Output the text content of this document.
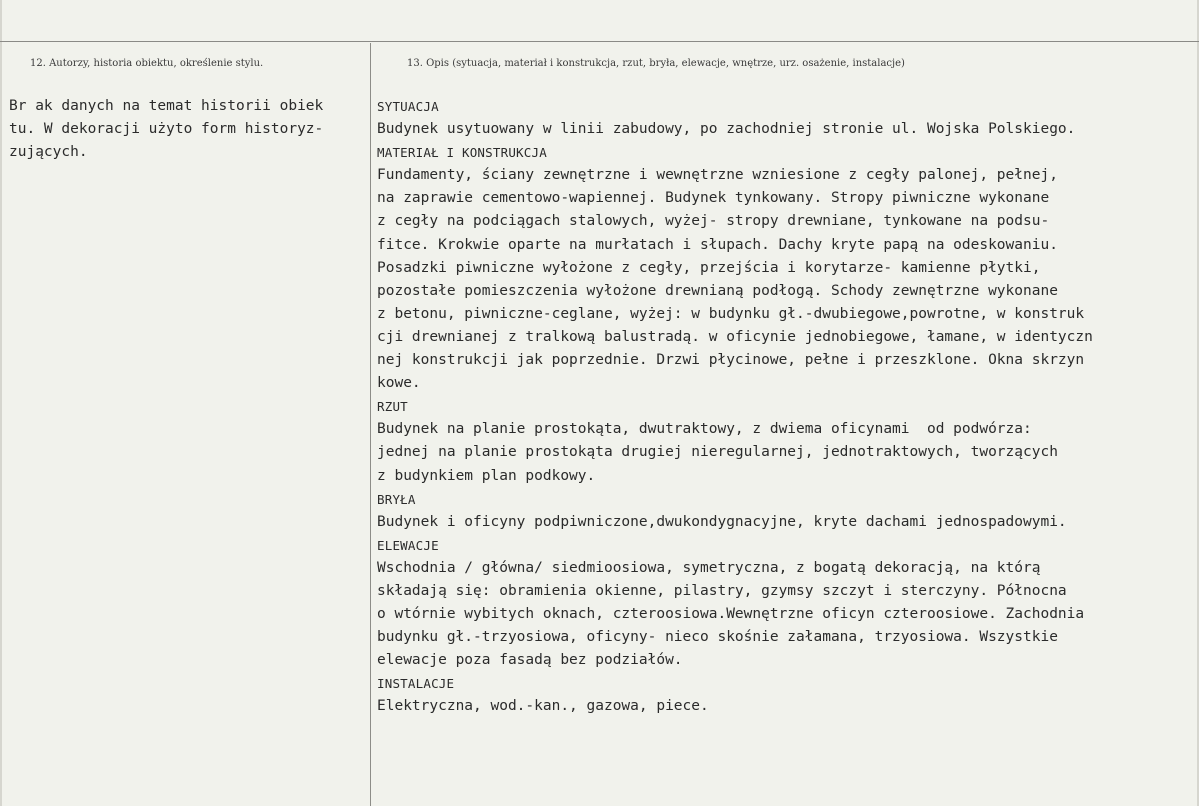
12. Autorzy, historia obiektu, określenie stylu.	13. Opis (sytuacja, materiał i konstrukcja, rzut, bryła, elewacje, wnętrze, urz. osażenie, instalacje)
Br ak danych na temat historii obiek
tu. W dekoracji użyto form historyz-
zujących.
SYTUACJA
Budynek usytuowany w linii zabudowy, po zachodniej stronie ul. Wojska Polskiego.
MATERIAŁ I KONSTRUKCJA
Fundamenty, ściany zewnętrzne i wewnętrzne wzniesione z cegły palonej, pełnej,
na zaprawie cementowo-wapiennej. Budynek tynkowany. Stropy piwniczne wykonane
z cegły na podciągach stalowych, wyżej- stropy drewniane, tynkowane na podsu-
fitce. Krokwie oparte na murłatach i słupach. Dachy kryte papą na odeskowaniu.
Posadzki piwniczne wyłożone z cegły, przejścia i korytarze- kamienne płytki,
pozostałe pomieszczenia wyłożone drewnianą podłogą. Schody zewnętrzne wykonane
z betonu, piwniczne-ceglane, wyżej: w budynku gł.-dwubiegowe,powrotne, w konstruk
cji drewnianej z tralkową balustradą. w oficynie jednobiegowe, łamane, w identyczn
nej konstrukcji jak poprzednie. Drzwi płycinowe, pełne i przeszklone. Okna skrzyn
kowe.
RZUT
Budynek na planie prostokąta, dwutraktowy, z dwiema oficynami  od podwórza:
jednej na planie prostokąta drugiej nieregularnej, jednotraktowych, tworzących
z budynkiem plan podkowy.
BRYŁA
Budynek i oficyny podpiwniczone,dwukondygnacyjne, kryte dachami jednospadowymi.
ELEWACJE
Wschodnia / główna/ siedmioosiowa, symetryczna, z bogatą dekoracją, na którą
składają się: obramienia okienne, pilastry, gzymsy szczyt i sterczyny. Północna
o wtórnie wybitych oknach, czteroosiowa.Wewnętrzne oficyn czteroosiowe. Zachodnia
budynku gł.-trzyosiowa, oficyny- nieco skośnie załamana, trzyosiowa. Wszystkie
elewacje poza fasadą bez podziałów.
INSTALACJE
Elektryczna, wod.-kan., gazowa, piece.
